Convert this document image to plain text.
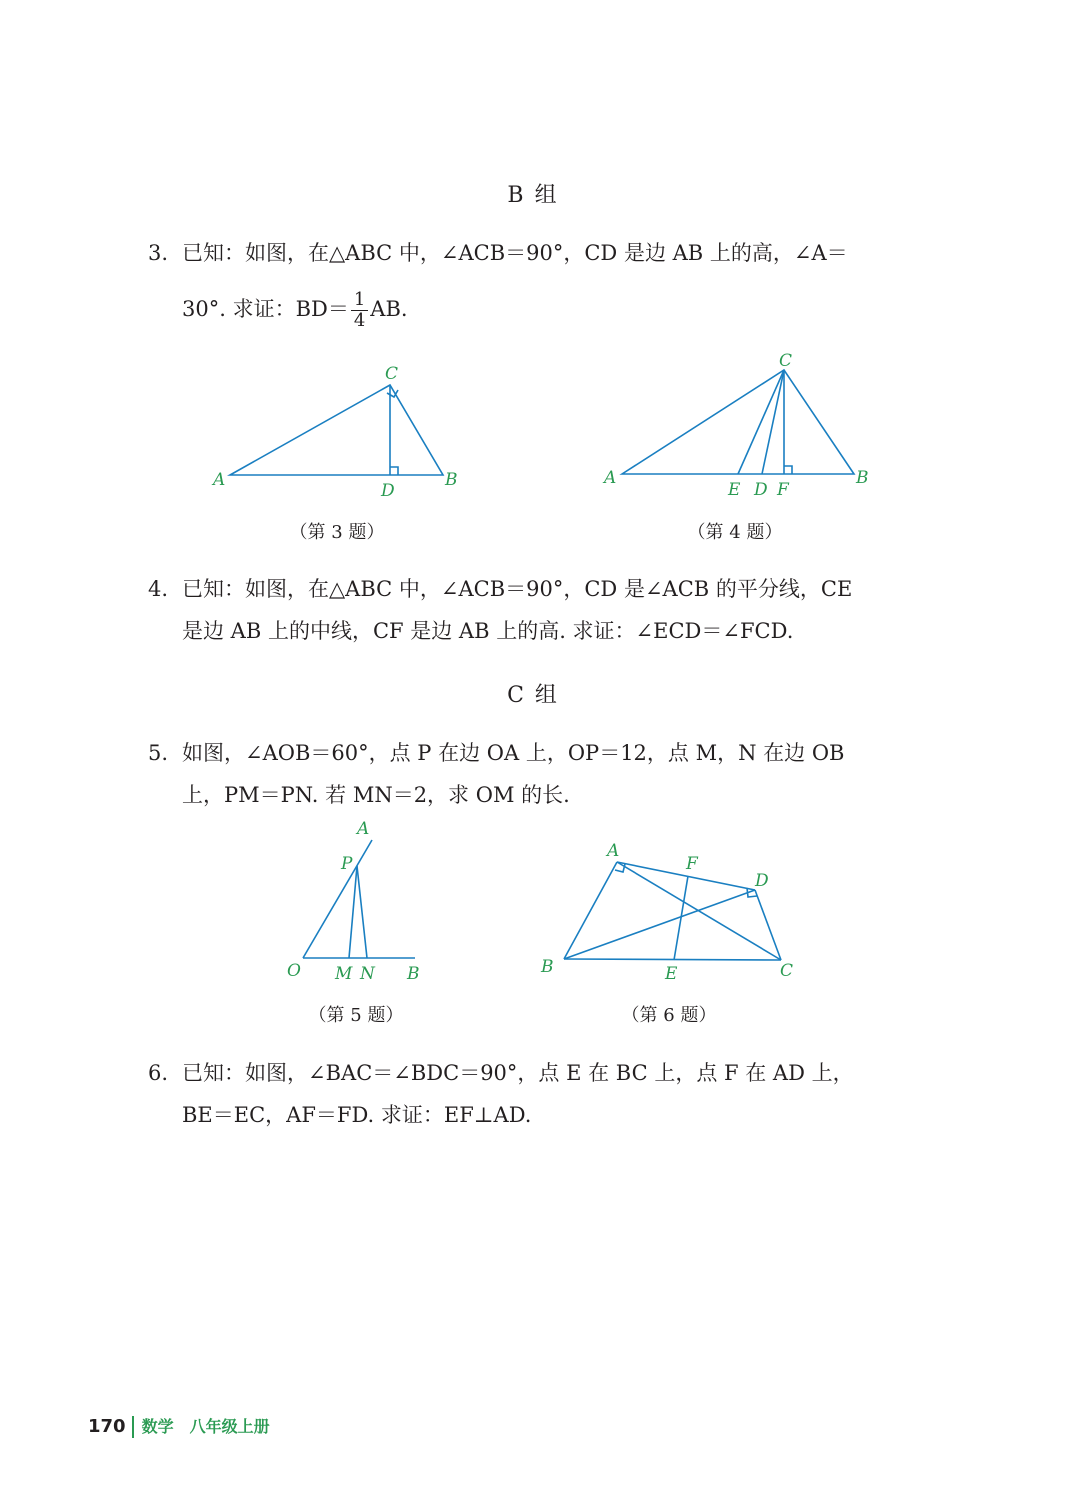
B 组
3. 已知：如图，在△ABC 中，∠ACB＝90°，CD 是边 AB 上的高，∠A＝
30°. 求证：$BD= \frac{1}{4}$ AB.
A	B
C
D
（第 3 题）
A	B
C
E D F
（第 4 题）
4. 已知：如图，在△ABC 中，∠ACB＝90°，CD 是∠ACB 的平分线，CE
是边 AB 上的中线，CF 是边 AB 上的高. 求证：∠ECD＝∠FCD.
C 组
5. 如图，∠AOB＝60°，点 P 在边 OA 上，OP＝12，点 M，N 在边 OB
上，PM＝PN. 若 MN＝2，求 OM 的长.
A
P
O M N B
（第 5 题）
A
F
D
B	E	C
（第 6 题）
6. 已知：如图，∠BAC＝∠BDC＝90°，点 E 在 BC 上，点 F 在 AD 上，
BE＝EC，AF＝FD. 求证：EF⊥AD.
170 数学　八年级上册
